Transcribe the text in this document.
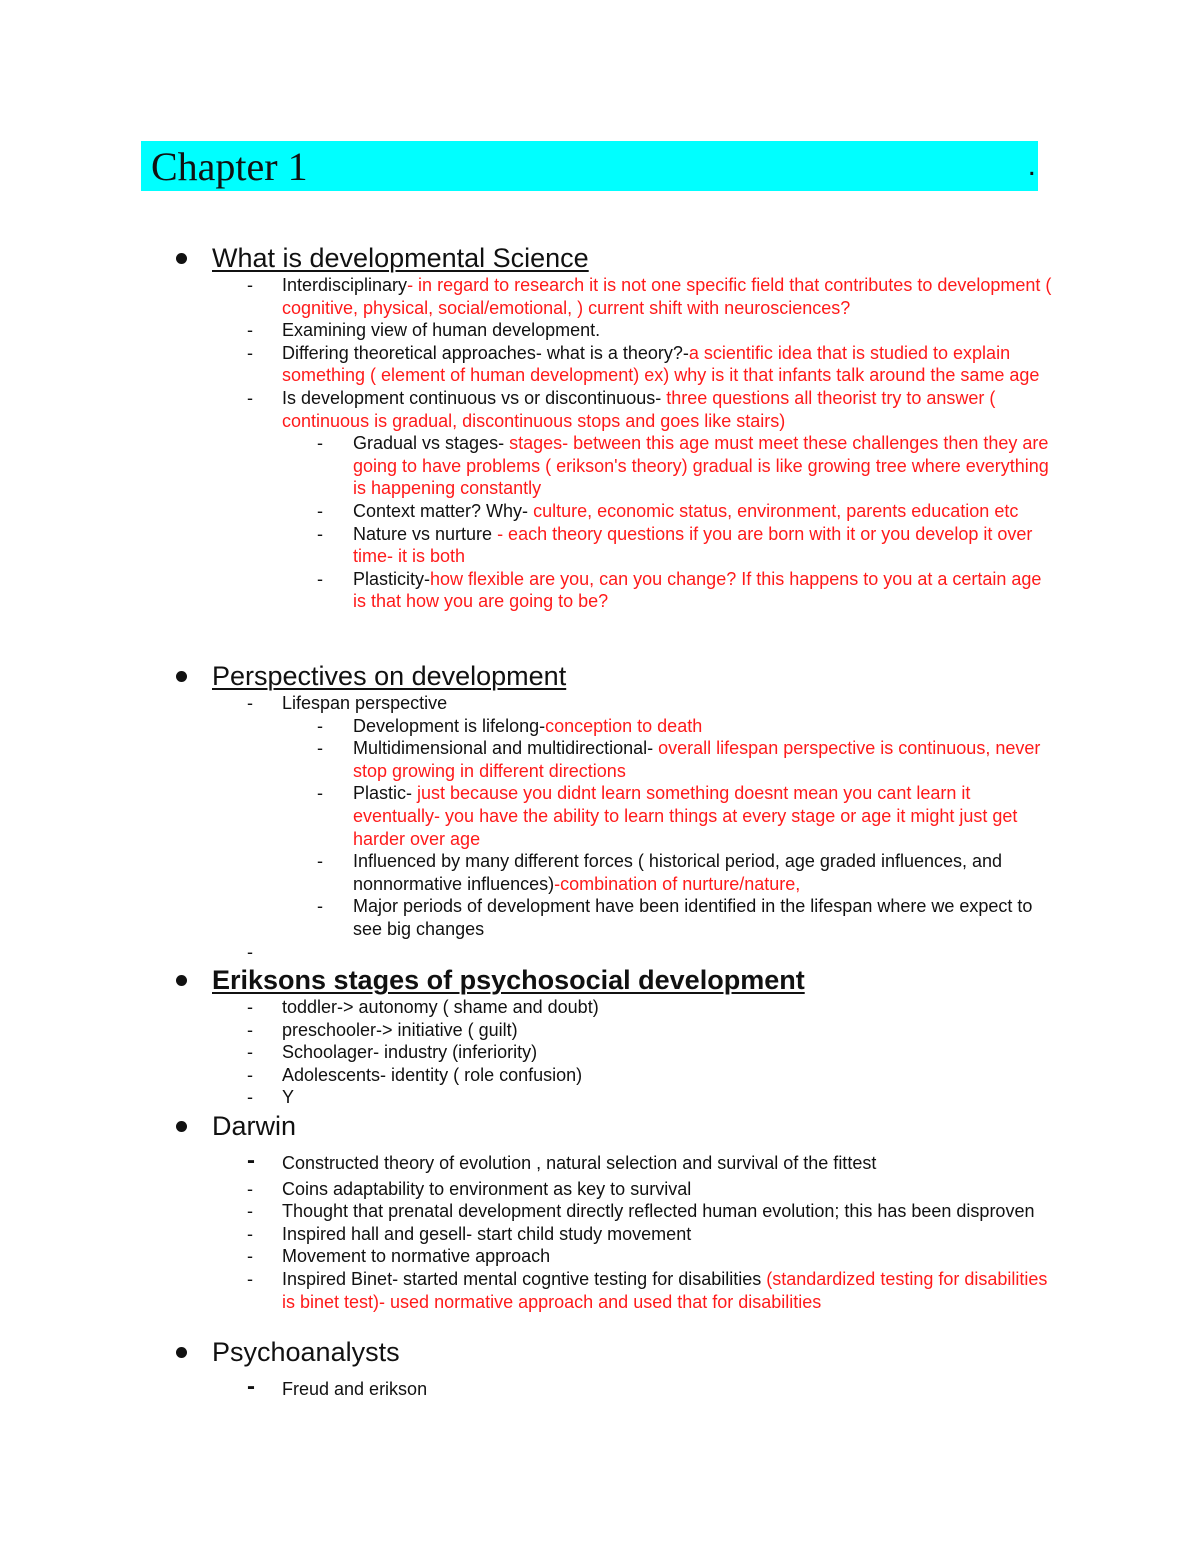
Chapter 1	.
What is developmental Science
- Interdisciplinary- in regard to research it is not one specific field that contributes to development ( cognitive, physical, social/emotional, ) current shift with neurosciences?
- Examining view of human development.
- Differing theoretical approaches- what is a theory?-a scientific idea that is studied to explain something ( element of human development) ex) why is it that infants talk around the same age
- Is development continuous vs or discontinuous- three questions all theorist try to answer ( continuous is gradual, discontinuous stops and goes like stairs)
- Gradual vs stages- stages- between this age must meet these challenges then they are going to have problems ( erikson's theory) gradual is like growing tree where everything is happening constantly
- Context matter? Why- culture, economic status, environment, parents education etc
- Nature vs nurture - each theory questions if you are born with it or you develop it over time- it is both
- Plasticity-how flexible are you, can you change? If this happens to you at a certain age is that how you are going to be?
Perspectives on development
- Lifespan perspective
- Development is lifelong-conception to death
- Multidimensional and multidirectional- overall lifespan perspective is continuous, never stop growing in different directions
- Plastic- just because you didnt learn something doesnt mean you cant learn it eventually- you have the ability to learn things at every stage or age it might just get harder over age
- Influenced by many different forces ( historical period, age graded influences, and nonnormative influences)-combination of nurture/nature,
- Major periods of development have been identified in the lifespan where we expect to see big changes
-

Eriksons stages of psychosocial development
- toddler-> autonomy ( shame and doubt)
- preschooler-> initiative ( guilt)
- Schoolager- industry (inferiority)
- Adolescents- identity ( role confusion)
- Y
Darwin
- Constructed theory of evolution , natural selection and survival of the fittest
- Coins adaptability to environment as key to survival
- Thought that prenatal development directly reflected human evolution; this has been disproven
- Inspired hall and gesell- start child study movement
- Movement to normative approach
- Inspired Binet- started mental cogntive testing for disabilities (standardized testing for disabilities is binet test)- used normative approach and used that for disabilities
Psychoanalysts
- Freud and erikson
